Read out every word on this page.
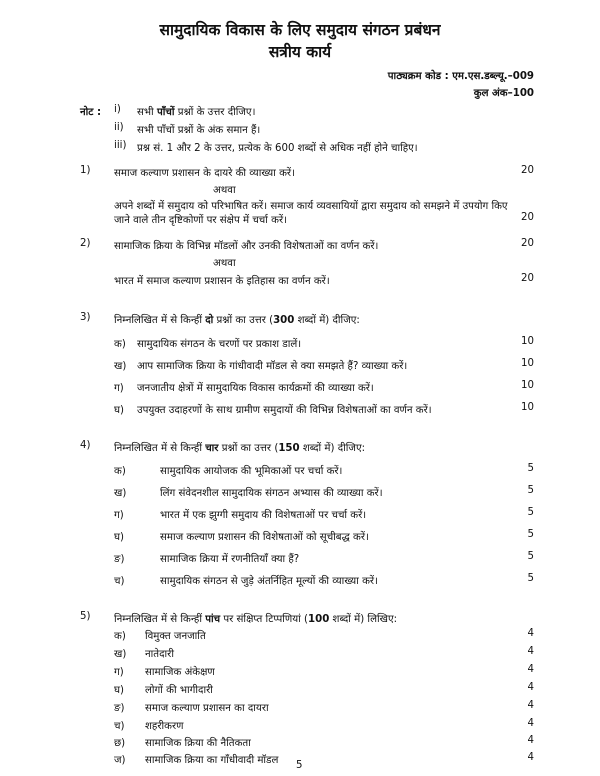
सामुदायिक विकास के लिए समुदाय संगठन प्रबंधन
सत्रीय कार्य
पाठ्यक्रम कोड : एम.एस.डब्ल्यू.–009
कुल अंक–100
नोट : i) सभी पाँचों प्रश्नों के उत्तर दीजिए।
ii) सभी पाँचों प्रश्नों के अंक समान हैं।
iii) प्रश्न सं. 1 और 2 के उत्तर, प्रत्येक के 600 शब्दों से अधिक नहीं होने चाहिए।
1) समाज कल्याण प्रशासन के दायरे की व्याख्या करें।	20
अथवा
अपने शब्दों में समुदाय को परिभाषित करें। समाज कार्य व्यवसायियों द्वारा समुदाय को समझने में उपयोग किए
जाने वाले तीन दृष्टिकोणों पर संक्षेप में चर्चा करें।	20
2) सामाजिक क्रिया के विभिन्न मॉडलों और उनकी विशेषताओं का वर्णन करें।	20
अथवा
भारत में समाज कल्याण प्रशासन के इतिहास का वर्णन करें।	20
3) निम्नलिखित में से किन्हीं दो प्रश्नों का उत्तर (300 शब्दों में) दीजिए:
क) सामुदायिक संगठन के चरणों पर प्रकाश डालें।	10
ख) आप सामाजिक क्रिया के गांधीवादी मॉडल से क्या समझते हैं? व्याख्या करें।	10
ग) जनजातीय क्षेत्रों में सामुदायिक विकास कार्यक्रमों की व्याख्या करें।	10
घ) उपयुक्त उदाहरणों के साथ ग्रामीण समुदायों की विभिन्न विशेषताओं का वर्णन करें।	10
4) निम्नलिखित में से किन्हीं चार प्रश्नों का उत्तर (150 शब्दों में) दीजिए:
क)	सामुदायिक आयोजक की भूमिकाओं पर चर्चा करें।	5
ख)	लिंग संवेदनशील सामुदायिक संगठन अभ्यास की व्याख्या करें।	5
ग)	भारत में एक झुग्गी समुदाय की विशेषताओं पर चर्चा करें।	5
घ)	समाज कल्याण प्रशासन की विशेषताओं को सूचीबद्ध करें।	5
ङ)	सामाजिक क्रिया में रणनीतियाँ क्या हैं?	5
च)	सामुदायिक संगठन से जुड़े अंतर्निहित मूल्यों की व्याख्या करें।	5
5) निम्नलिखित में से किन्हीं पांच पर संक्षिप्त टिप्पणियां (100 शब्दों में) लिखिए:
क) विमुक्त जनजाति	4
ख) नातेदारी	4
ग) सामाजिक अंकेक्षण	4
घ) लोगों की भागीदारी	4
ङ) समाज कल्याण प्रशासन का दायरा	4
च) शहरीकरण	4
छ) सामाजिक क्रिया की नैतिकता	4
ज) सामाजिक क्रिया का गाँधीवादी मॉडल	4
5
